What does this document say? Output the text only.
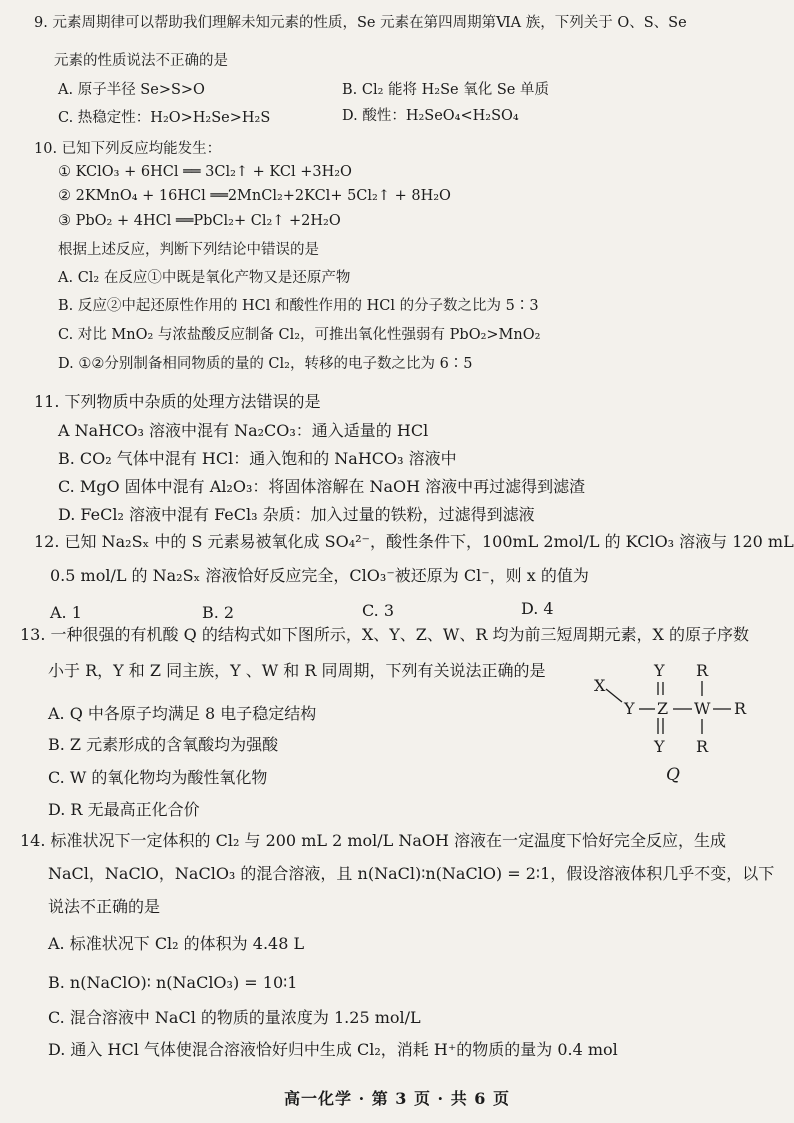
9. 元素周期律可以帮助我们理解未知元素的性质，Se 元素在第四周期第ⅥA 族，下列关于 O、S、Se
元素的性质说法不正确的是
A. 原子半径 Se>S>O	B. Cl₂ 能将 H₂Se 氧化 Se 单质
C. 热稳定性：H₂O>H₂Se>H₂S	D. 酸性：H₂SeO₄<H₂SO₄
10. 已知下列反应均能发生：
① KClO₃ + 6HCl ══ 3Cl₂↑ + KCl +3H₂O
② 2KMnO₄ + 16HCl ══2MnCl₂+2KCl+ 5Cl₂↑ + 8H₂O
③ PbO₂ + 4HCl ══PbCl₂+ Cl₂↑ +2H₂O
根据上述反应，判断下列结论中错误的是
A. Cl₂ 在反应①中既是氧化产物又是还原产物
B. 反应②中起还原性作用的 HCl 和酸性作用的 HCl 的分子数之比为 5∶3
C. 对比 MnO₂ 与浓盐酸反应制备 Cl₂，可推出氧化性强弱有 PbO₂>MnO₂
D. ①②分别制备相同物质的量的 Cl₂，转移的电子数之比为 6∶5
11. 下列物质中杂质的处理方法错误的是
A NaHCO₃ 溶液中混有 Na₂CO₃：通入适量的 HCl
B. CO₂ 气体中混有 HCl：通入饱和的 NaHCO₃ 溶液中
C. MgO 固体中混有 Al₂O₃：将固体溶解在 NaOH 溶液中再过滤得到滤渣
D. FeCl₂ 溶液中混有 FeCl₃ 杂质：加入过量的铁粉，过滤得到滤液
12. 已知 Na₂Sₓ 中的 S 元素易被氧化成 SO₄²⁻，酸性条件下，100mL 2mol/L 的 KClO₃ 溶液与 120 mL
0.5 mol/L 的 Na₂Sₓ 溶液恰好反应完全，ClO₃⁻被还原为 Cl⁻，则 x 的值为
A. 1	B. 2	C. 3	D. 4
13. 一种很强的有机酸 Q 的结构式如下图所示，X、Y、Z、W、R 均为前三短周期元素，X 的原子序数
小于 R，Y 和 Z 同主族，Y 、W 和 R 同周期，下列有关说法正确的是
A. Q 中各原子均满足 8 电子稳定结构
B. Z 元素形成的含氧酸均为强酸
C. W 的氧化物均为酸性氧化物
D. R 无最高正化合价
X
Y
Y
Z
Y
W
R
R
R
Q
14. 标准状况下一定体积的 Cl₂ 与 200 mL 2 mol/L NaOH 溶液在一定温度下恰好完全反应，生成
NaCl，NaClO，NaClO₃ 的混合溶液，且 n(NaCl)∶n(NaClO) = 2∶1，假设溶液体积几乎不变，以下
说法不正确的是
A. 标准状况下 Cl₂ 的体积为 4.48 L
B. n(NaClO)∶ n(NaClO₃) = 10∶1
C. 混合溶液中 NaCl 的物质的量浓度为 1.25 mol/L
D. 通入 HCl 气体使混合溶液恰好归中生成 Cl₂，消耗 H⁺的物质的量为 0.4 mol
高一化学 · 第 3 页 · 共 6 页
